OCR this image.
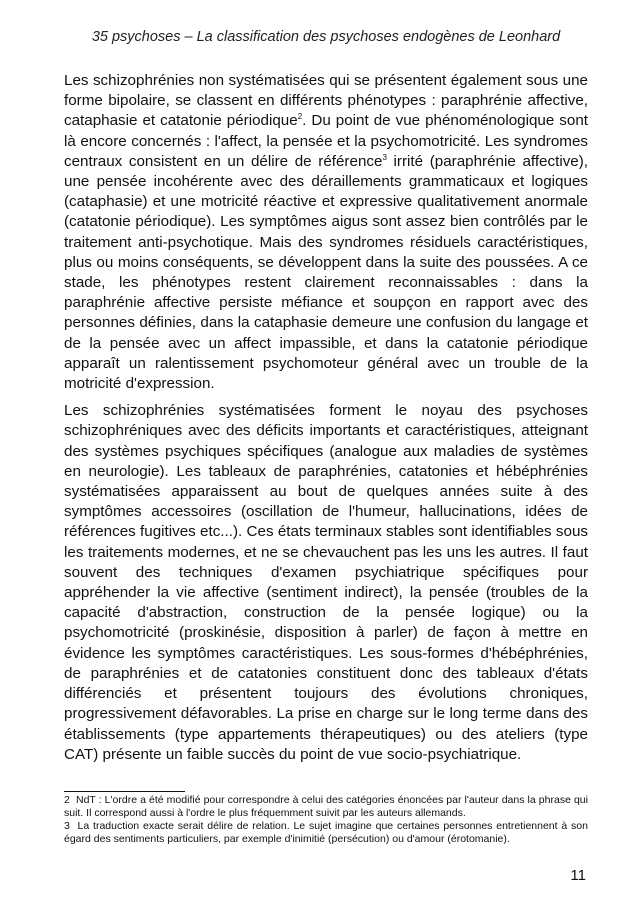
35 psychoses – La classification des psychoses endogènes de Leonhard

Les schizophrénies non systématisées qui se présentent également sous une forme bipolaire, se classent en différents phénotypes : paraphrénie affective, cataphasie et catatonie périodique$^2$. Du point de vue phénoménologique sont là encore concernés : l'affect, la pensée et la psychomotricité. Les syndromes centraux consistent en un délire de référence$^3$ irrité (paraphrénie affective), une pensée incohérente avec des déraillements grammaticaux et logiques (cataphasie) et une motricité réactive et expressive qualitativement anormale (catatonie périodique). Les symptômes aigus sont assez bien contrôlés par le traitement anti-psychotique. Mais des syndromes résiduels caractéristiques, plus ou moins conséquents, se développent dans la suite des poussées. A ce stade, les phénotypes restent clairement reconnaissables : dans la paraphrénie affective persiste méfiance et soupçon en rapport avec des personnes définies, dans la cataphasie demeure une confusion du langage et de la pensée avec un affect impassible, et dans la catatonie périodique apparaît un ralentissement psychomoteur général avec un trouble de la motricité d'expression.

Les schizophrénies systématisées forment le noyau des psychoses schizophréniques avec des déficits importants et caractéristiques, atteignant des systèmes psychiques spécifiques (analogue aux maladies de systèmes en neurologie). Les tableaux de paraphrénies, catatonies et hébéphrénies systématisées apparaissent au bout de quelques années suite à des symptômes accessoires (oscillation de l'humeur, hallucinations, idées de références fugitives etc...). Ces états terminaux stables sont identifiables sous les traitements modernes, et ne se chevauchent pas les uns les autres. Il faut souvent des techniques d'examen psychiatrique spécifiques pour appréhender la vie affective (sentiment indirect), la pensée (troubles de la capacité d'abstraction, construction de la pensée logique) ou la psychomotricité (proskinésie, disposition à parler) de façon à mettre en évidence les symptômes caractéristiques. Les sous-formes d'hébéphrénies, de paraphrénies et de catatonies constituent donc des tableaux d'états différenciés et présentent toujours des évolutions chroniques, progressivement défavorables. La prise en charge sur le long terme dans des établissements (type appartements thérapeutiques) ou des ateliers (type CAT) présente un faible succès du point de vue socio-psychiatrique.

2 NdT : L'ordre a été modifié pour correspondre à celui des catégories énoncées par l'auteur dans la phrase qui suit. Il correspond aussi à l'ordre le plus fréquemment suivit par les auteurs allemands.

3 La traduction exacte serait délire de relation. Le sujet imagine que certaines personnes entretiennent à son égard des sentiments particuliers, par exemple d'inimitié (persécution) ou d'amour (érotomanie).

11
